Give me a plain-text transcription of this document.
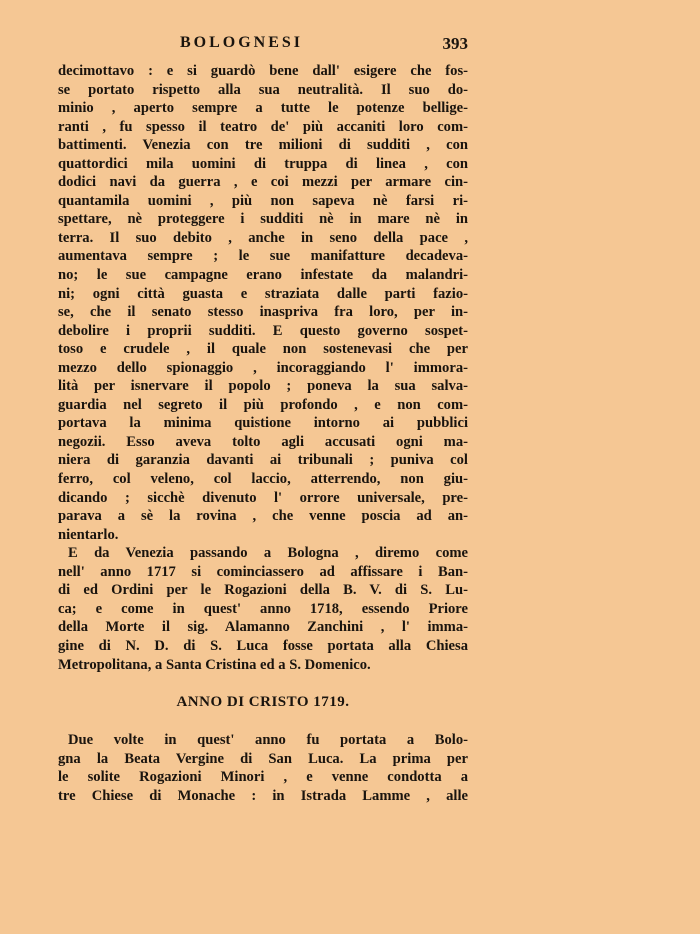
BOLOGNESI	393

decimottavo : e si guardò bene dall' esigere che fos-
se portato rispetto alla sua neutralità. Il suo do-
minio , aperto sempre a tutte le potenze bellige-
ranti , fu spesso il teatro de' più accaniti loro com-
battimenti. Venezia con tre milioni di sudditi , con
quattordici mila uomini di truppa di linea , con
dodici navi da guerra , e coi mezzi per armare cin-
quantamila uomini , più non sapeva nè farsi ri-
spettare, nè proteggere i sudditi nè in mare nè in
terra. Il suo debito , anche in seno della pace ,
aumentava sempre ; le sue manifatture decadeva-
no; le sue campagne erano infestate da malandri-
ni; ogni città guasta e straziata dalle parti fazio-
se, che il senato stesso inaspriva fra loro, per in-
debolire i proprii sudditi. E questo governo sospet-
toso e crudele , il quale non sostenevasi che per
mezzo dello spionaggio , incoraggiando l' immora-
lità per isnervare il popolo ; poneva la sua salva-
guardia nel segreto il più profondo , e non com-
portava la minima quistione intorno ai pubblici
negozii. Esso aveva tolto agli accusati ogni ma-
niera di garanzia davanti ai tribunali ; puniva col
ferro, col veleno, col laccio, atterrendo, non giu-
dicando ; sicchè divenuto l' orrore universale, pre-
parava a sè la rovina , che venne poscia ad an-
nientarlo.

E da Venezia passando a Bologna , diremo come
nell' anno 1717 si cominciassero ad affissare i Ban-
di ed Ordini per le Rogazioni della B. V. di S. Lu-
ca; e come in quest' anno 1718, essendo Priore
della Morte il sig. Alamanno Zanchini , l' imma-
gine di N. D. di S. Luca fosse portata alla Chiesa
Metropolitana, a Santa Cristina ed a S. Domenico.

ANNO DI CRISTO 1719.

Due volte in quest' anno fu portata a Bolo-
gna la Beata Vergine di San Luca. La prima per
le solite Rogazioni Minori , e venne condotta a
tre Chiese di Monache : in Istrada Lamme , alle
